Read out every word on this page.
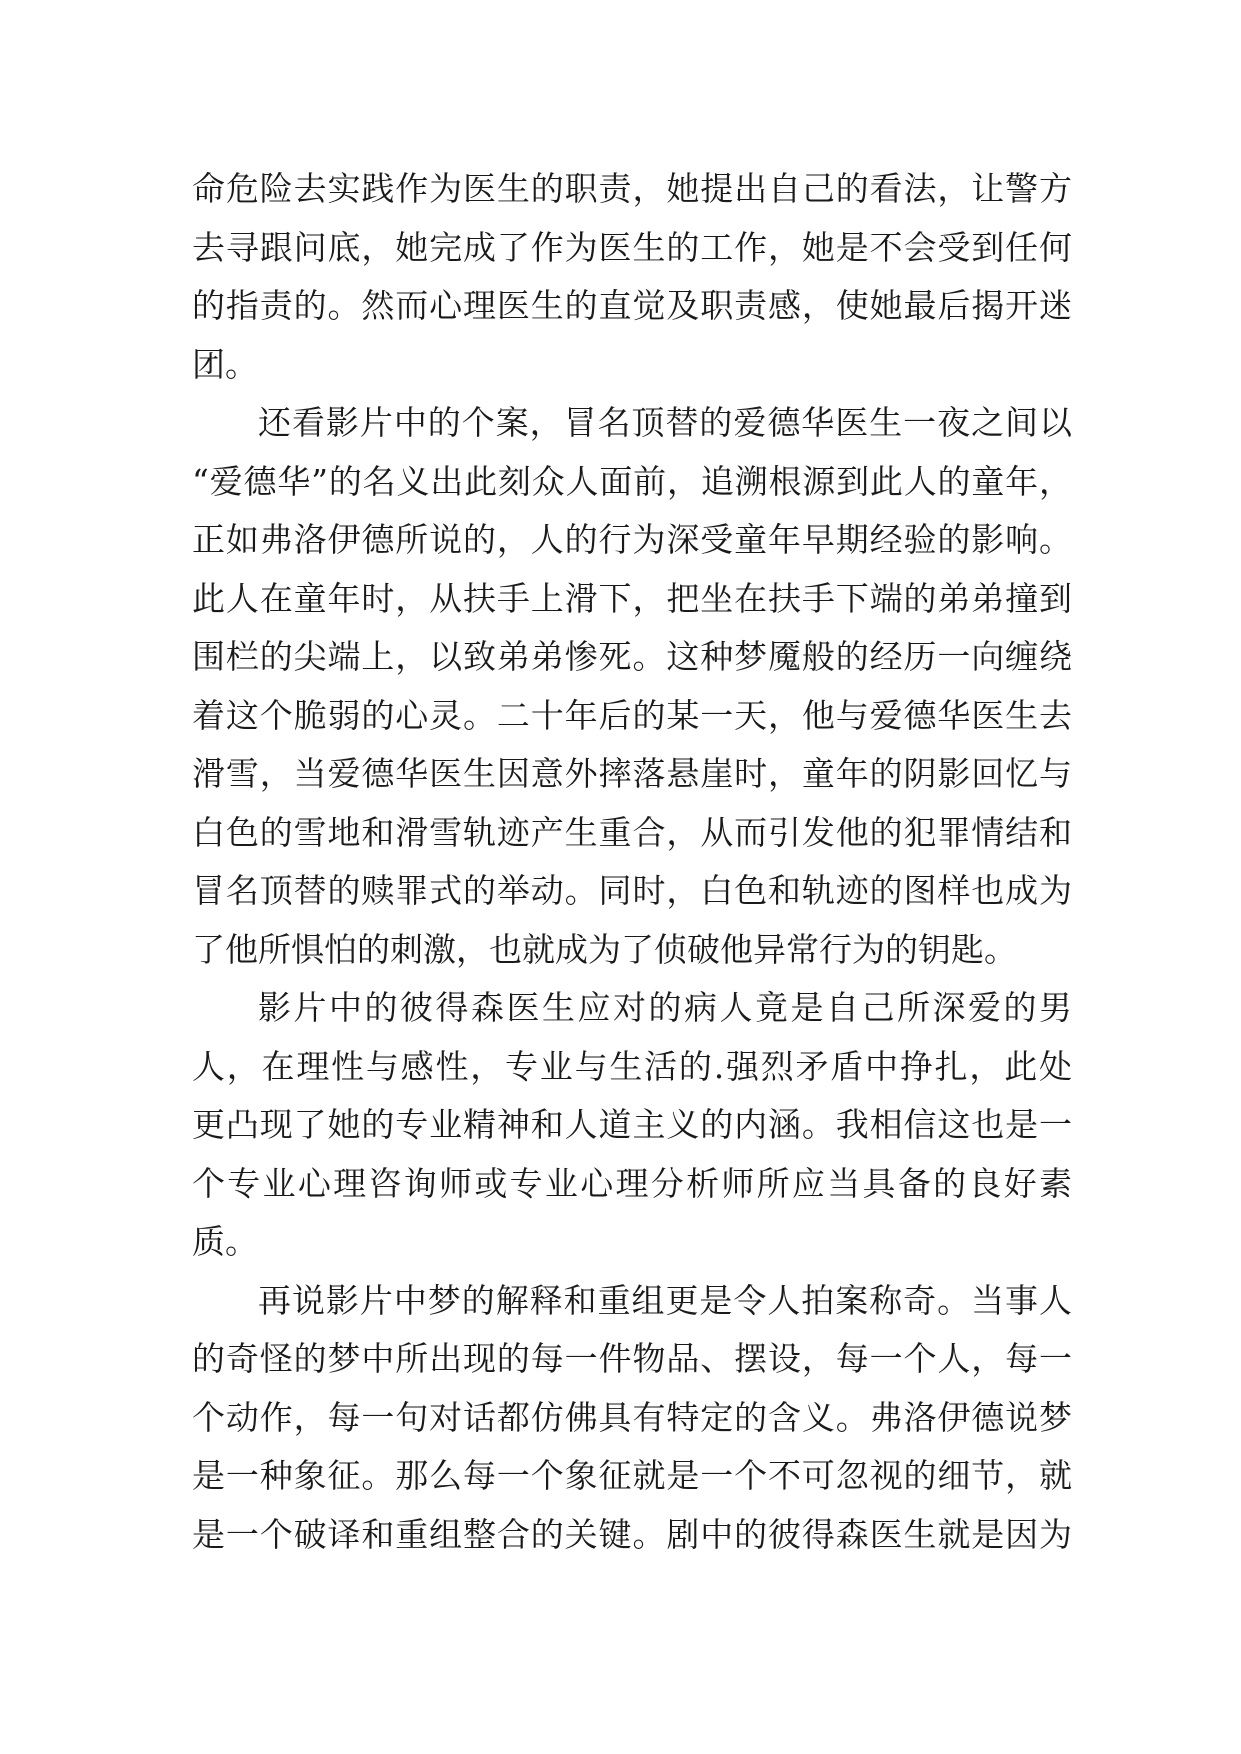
命危险去实践作为医生的职责，她提出自己的看法，让警方
去寻跟问底，她完成了作为医生的工作，她是不会受到任何
的指责的。然而心理医生的直觉及职责感，使她最后揭开迷
团。
还看影片中的个案，冒名顶替的爱德华医生一夜之间以
“爱德华”的名义出此刻众人面前，追溯根源到此人的童年，
正如弗洛伊德所说的，人的行为深受童年早期经验的影响。
此人在童年时，从扶手上滑下，把坐在扶手下端的弟弟撞到
围栏的尖端上，以致弟弟惨死。这种梦魇般的经历一向缠绕
着这个脆弱的心灵。二十年后的某一天，他与爱德华医生去
滑雪，当爱德华医生因意外摔落悬崖时，童年的阴影回忆与
白色的雪地和滑雪轨迹产生重合，从而引发他的犯罪情结和
冒名顶替的赎罪式的举动。同时，白色和轨迹的图样也成为
了他所惧怕的刺激，也就成为了侦破他异常行为的钥匙。
影片中的彼得森医生应对的病人竟是自己所深爱的男
人，在理性与感性，专业与生活的.强烈矛盾中挣扎，此处
更凸现了她的专业精神和人道主义的内涵。我相信这也是一
个专业心理咨询师或专业心理分析师所应当具备的良好素
质。
再说影片中梦的解释和重组更是令人拍案称奇。当事人
的奇怪的梦中所出现的每一件物品、摆设，每一个人，每一
个动作，每一句对话都仿佛具有特定的含义。弗洛伊德说梦
是一种象征。那么每一个象征就是一个不可忽视的细节，就
是一个破译和重组整合的关键。剧中的彼得森医生就是因为
